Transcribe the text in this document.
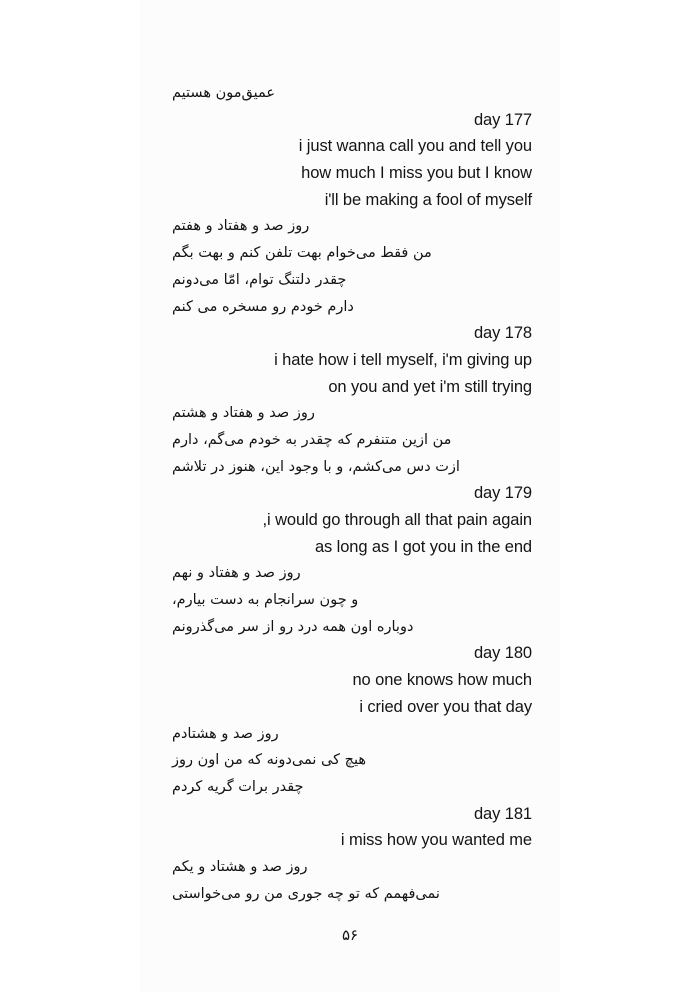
عمیق‌مون هستیم
day 177
i just wanna call you and tell you
how much I miss you but I know
i'll be making a fool of myself
روز صد و هفتاد و هفتم
من فقط می‌خوام بهت تلفن کنم و بهت بگم
چقدر دلتنگ توام، امّا می‌دونم
دارم خودم رو مسخره می کنم
day 178
i hate how i tell myself, i'm giving up
on you and yet i'm still trying
روز صد و هفتاد و هشتم
من ازین متنفرم که چقدر به خودم می‌گم، دارم
ازت دس می‌کشم، و با وجود این، هنوز در تلاشم
day 179
,i would go through all that pain again
as long as I got you in the end
روز صد و هفتاد و نهم
و چون سرانجام به دست بیارم،
دوباره اون همه درد رو از سر می‌گذرونم
day 180
no one knows how much
i cried over you that day
روز صد و هشتادم
هیچ کی نمی‌دونه که من اون روز
چقدر برات گریه کردم
day 181
i miss how you wanted me
روز صد و هشتاد و یکم
نمی‌فهمم که تو چه جوری من رو می‌خواستی
۵۶
